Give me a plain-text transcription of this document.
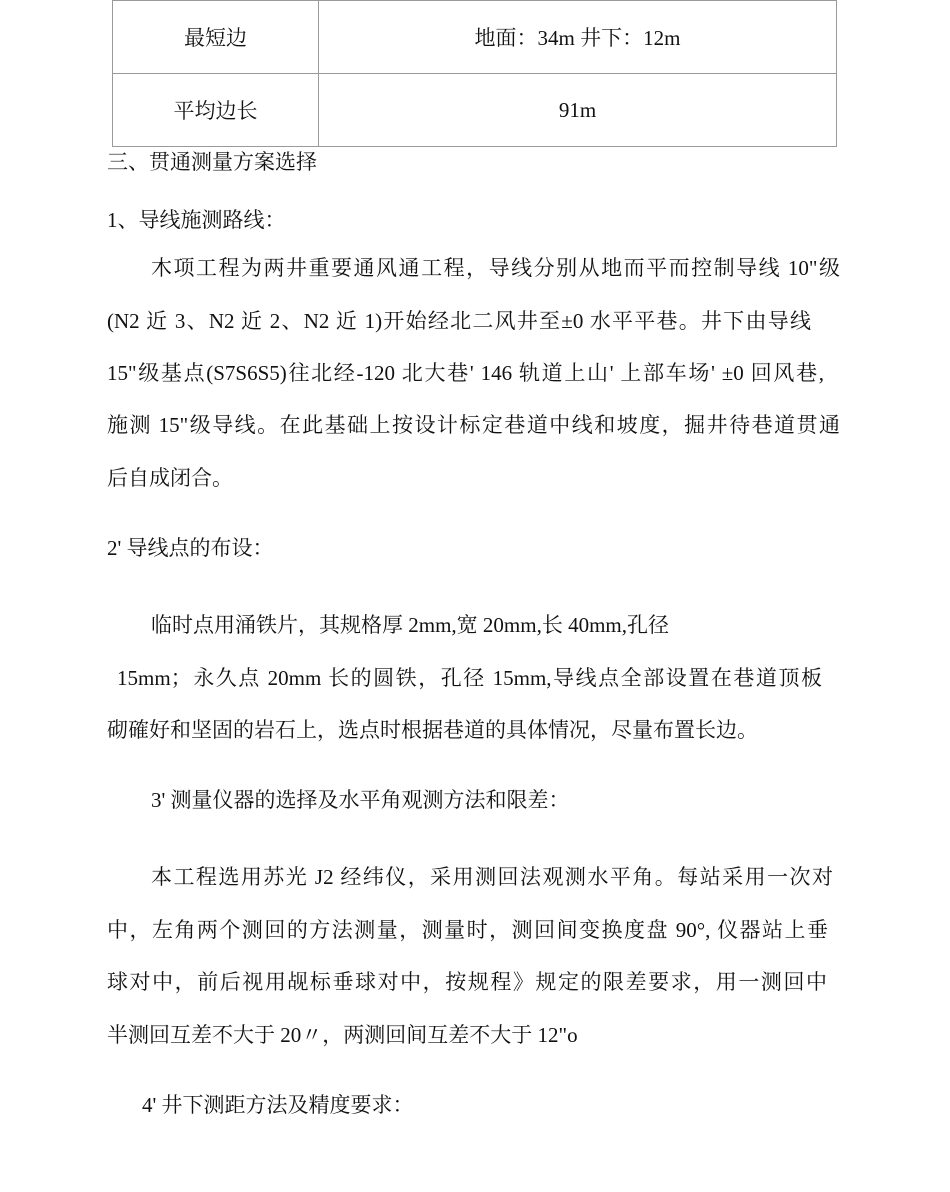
最短边	地面：34m 井下：12m
平均边长	91m
三、贯通测量方案选择
1、导线施测路线：
木项工程为两井重要通风通工程，导线分别从地而平而控制导线 10"级
(N2 近 3、N2 近 2、N2 近 1)开始经北二风井至±0 水平平巷。井下由导线
15"级基点(S7S6S5)往北经-120 北大巷' 146 轨道上山' 上部车场' ±0 回风巷,
施测 15"级导线。在此基础上按设计标定巷道中线和坡度，掘井待巷道贯通
后自成闭合。
2' 导线点的布设：
临时点用涌铁片，其规格厚 2mm,宽 20mm,长 40mm,孔径
15mm；永久点 20mm 长的圆铁，孔径 15mm,导线点全部设置在巷道顶板
砌確好和坚固的岩石上，选点时根据巷道的具体情况，尽量布置长边。
3' 测量仪器的选择及水平角观测方法和限差：
本工程选用苏光 J2 经纬仪，采用测回法观测水平角。每站采用一次对
中，左角两个测回的方法测量，测量时，测回间变换度盘 90°, 仪器站上垂
球对中，前后视用觇标垂球对中，按规程》规定的限差要求，用一测回中
半测回互差不大于 20〃，两测回间互差不大于 12"o
4' 井下测距方法及精度要求：
